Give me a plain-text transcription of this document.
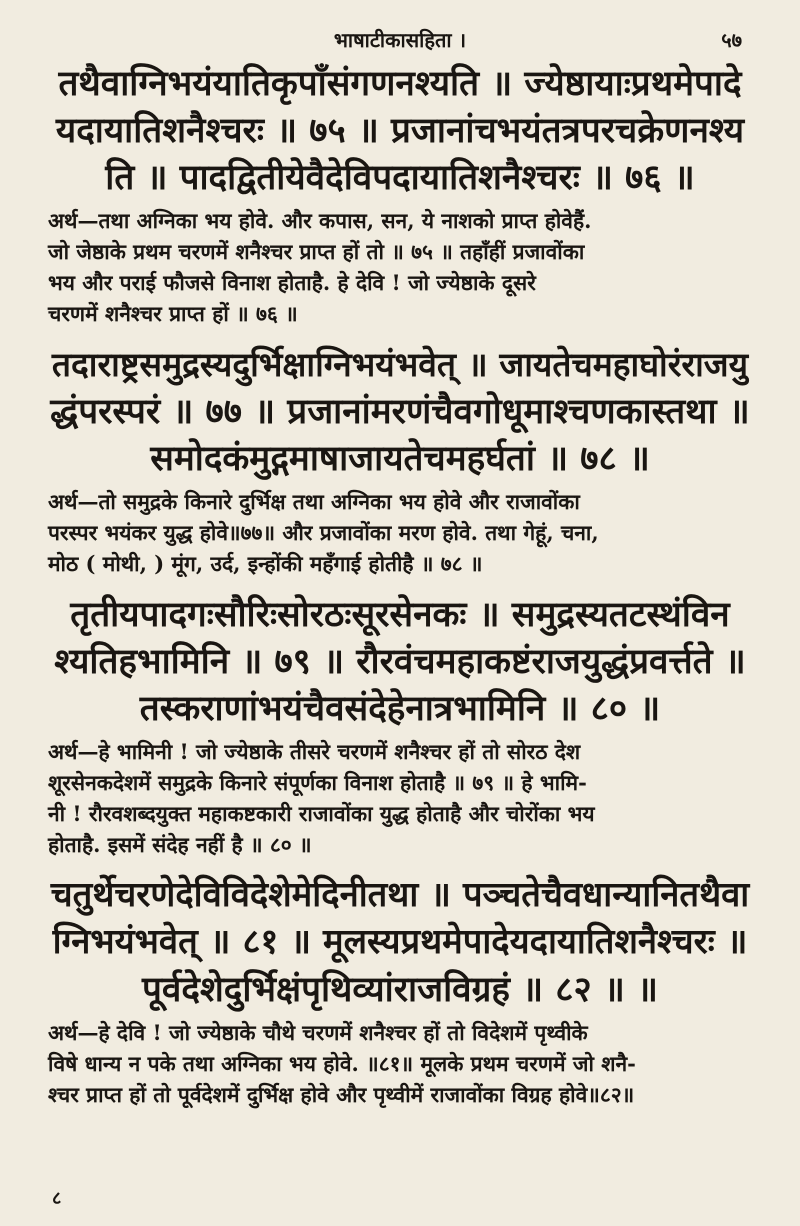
भाषाटीकासहिता ।	५७
तथैवाग्निभयंयातिकृपाँसंगणनश्यति ॥ ज्येष्ठायाःप्रथमेपादे
यदायातिशनैश्चरः ॥ ७५ ॥ प्रजानांचभयंतत्रपरचक्रेणनश्य
ति ॥ पादद्वितीयेवैदेविपदायातिशनैश्चरः ॥ ७६ ॥
अर्थ—तथा अग्निका भय होवे. और कपास, सन, ये नाशको प्राप्त होवेहैं.
जो जेष्ठाके प्रथम चरणमें शनैश्चर प्राप्त हों तो ॥ ७५ ॥ तहाँहीं प्रजावोंका
भय और पराई फौजसे विनाश होताहै. हे देवि ! जो ज्येष्ठाके दूसरे
चरणमें शनैश्चर प्राप्त हों ॥ ७६ ॥
तदाराष्ट्रसमुद्रस्यदुर्भिक्षाग्निभयंभवेत् ॥ जायतेचमहाघोरंराजयु
द्धंपरस्परं ॥ ७७ ॥ प्रजानांमरणंचैवगोधूमाश्चणकास्तथा ॥
समोदकंमुद्गमाषाजायतेचमहर्घतां ॥ ७८ ॥
अर्थ—तो समुद्रके किनारे दुर्भिक्ष तथा अग्निका भय होवे और राजावोंका
परस्पर भयंकर युद्ध होवे॥७७॥ और प्रजावोंका मरण होवे. तथा गेहूं, चना,
मोठ ( मोथी, ) मूंग, उर्द, इन्होंकी महँगाई होतीहै ॥ ७८ ॥
तृतीयपादगःसौरिःसोरठःसूरसेनकः ॥ समुद्रस्यतटस्थंविन
श्यतिहभामिनि ॥ ७९ ॥ रौरवंचमहाकष्टंराजयुद्धंप्रवर्त्तते ॥
तस्कराणांभयंचैवसंदेहेनात्रभामिनि ॥ ८० ॥
अर्थ—हे भामिनी ! जो ज्येष्ठाके तीसरे चरणमें शनैश्चर हों तो सोरठ देश
शूरसेनकदेशमें समुद्रके किनारे संपूर्णका विनाश होताहै ॥ ७९ ॥ हे भामि-
नी ! रौरवशब्दयुक्त महाकष्टकारी राजावोंका युद्ध होताहै और चोरोंका भय
होताहै. इसमें संदेह नहीं है ॥ ८० ॥
चतुर्थेचरणेदेविविदेशेमेदिनीतथा ॥ पञ्चतेचैवधान्यानितथैवा
ग्निभयंभवेत् ॥ ८१ ॥ मूलस्यप्रथमेपादेयदायातिशनैश्चरः ॥
पूर्वदेशेदुर्भिक्षंपृथिव्यांराजविग्रहं ॥ ८२ ॥ ॥
अर्थ—हे देवि ! जो ज्येष्ठाके चौथे चरणमें शनैश्चर हों तो विदेशमें पृथ्वीके
विषे धान्य न पके तथा अग्निका भय होवे. ॥८१॥ मूलके प्रथम चरणमें जो शनै-
श्चर प्राप्त हों तो पूर्वदेशमें दुर्भिक्ष होवे और पृथ्वीमें राजावोंका विग्रह होवे॥८२॥
८
